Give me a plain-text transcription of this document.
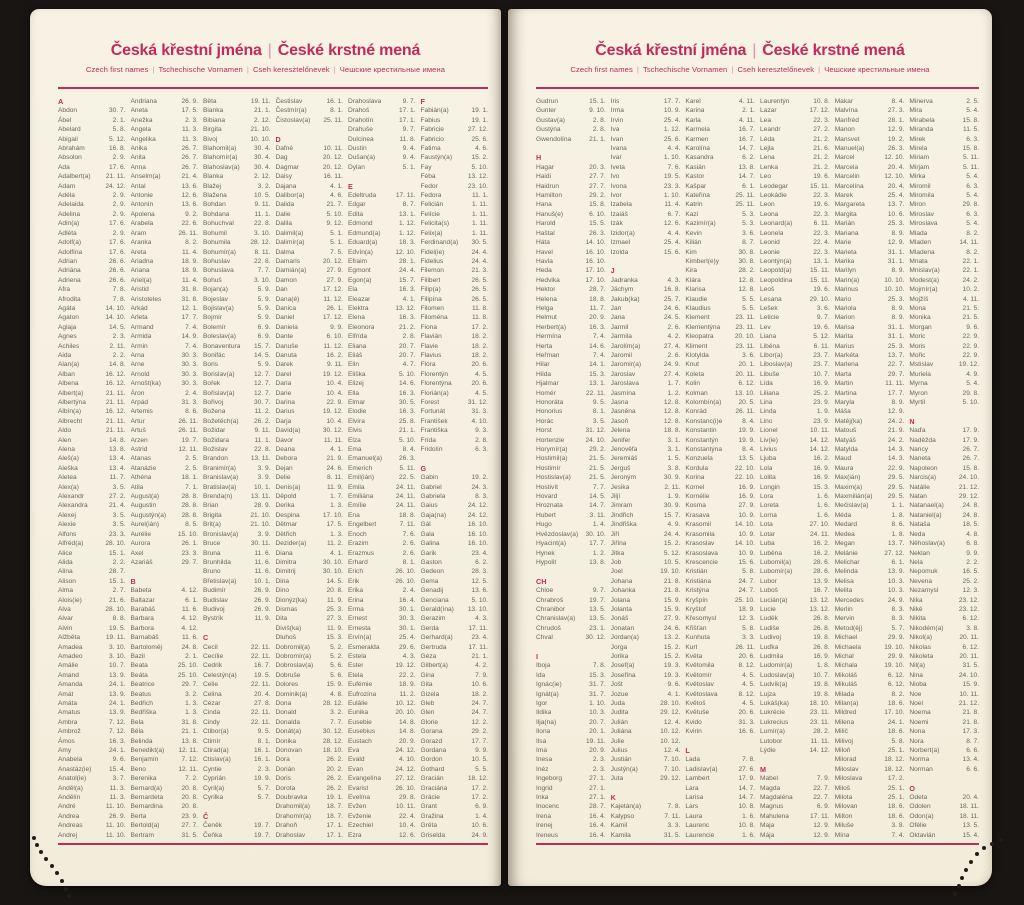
Česká křestní jména | České krstné mená
Czech first names | Tschechische Vornamen | Cseh keresztelőnevek | Чешские крестильные имена
A
Abdon	30. 7.
Ábel	2. 1.
Abelard	5. 8.
Abigail	5. 12.
Abrahám	16. 8.
Absolon	2. 9.
Ada	17. 6.
Adalbert(a)	21. 11.
Adam	24. 12.
Adéla	2. 9.
Adelaida	2. 9.
Adelina	2. 9.
Adin(a)	17. 6.
Adléta	2. 9.
Adolf(a)	17. 6.
Adolfína	17. 6.
Adrian	26. 6.
Adriána	26. 6.
Adriena	26. 6.
Afra	7. 8.
Afrodita	7. 8.
Agáta	14. 10.
Agaton	14. 10.
Aglaja	14. 5.
Agnes	2. 3.
Achiles	2. 11.
Aida	2. 2.
Alan(a)	14. 8.
Alban	16. 12.
Albena	16. 12.
Albert(a)	21. 11.
Albertýna	21. 11.
Albín(a)	16. 12.
Albrecht	21. 11.
Aldo	21. 11.
Alen	14. 8.
Alena	13. 8.
Aleš(a)	13. 4.
Aleška	13. 4.
Aletea	11. 7.
Alex(a)	3. 5.
Alexandr	27. 2.
Alexandra	21. 4.
Alexej	3. 5.
Alexie	3. 5.
Alfons	23. 3.
Alfréd(a)	28. 10.
Alice	15. 1.
Alida	2. 2.
Alina	28. 7.
Alison	15. 1.
Alma	2. 7.
Alois(ie)	21. 6.
Alva	28. 10.
Alvar	8. 8.
Alvin	19. 5.
Alžběta	19. 11.
Amadea	3. 10.
Amadeo	3. 10.
Amálie	10. 7.
Amand	13. 9.
Amanda	24. 1.
Amát	13. 9.
Amáta	24. 1.
Amatus	13. 9.
Ambra	7. 12.
Ambrož	7. 12.
Ámos	16. 3.
Amy	24. 1.
Anabela	9. 6.
Anastáz(ie)	15. 4.
Anatol(ie)	3. 7.
Anděl(a)	11. 3.
Andělín	11. 3.
André	11. 10.
Andrea	26. 9.
Andreas	11. 10.
Andrej	11. 10.
Andriana	26. 9.
Aneta	17. 5.
Anežka	2. 3.
Angela	11. 3.
Angelika	11. 3.
Anika	26. 7.
Anita	26. 7.
Anna	26. 7.
Anselm(a)	21. 4.
Antal	13. 6.
Antonie	12. 6.
Antonín	13. 6.
Apolena	9. 2.
Arabela	22. 6.
Aram	26. 11.
Aranka	8. 2.
Areta	11. 4.
Ariadna	18. 9.
Ariana	18. 9.
Ariel(a)	11. 4.
Aristid	31. 8.
Aristoteles	31. 8.
Arkád	12. 1.
Arleta	17. 7.
Armand	7. 4.
Armida	14. 9.
Armin	7. 4.
Arna	30. 3.
Arne	30. 3.
Arnold	30. 3.
Arnošt(ka)	30. 3.
Áron	2. 4.
Arpád	31. 3.
Artemis	8. 6.
Artur	26. 11.
Artuš	26. 11.
Arzen	19. 7.
Astrid	12. 11.
Atanas	2. 5.
Atanázie	2. 5.
Athéna	18. 1.
Atila	7. 1.
August(a)	28. 8.
Augustin	28. 8.
Augustýn(a)	28. 8.
Aurel(ián)	8. 5.
Aurélie	15. 10.
Aurora	26. 1.
Axel	23. 3.
Azariáš	29. 7.
B
Babeta	4. 12.
Baltazar	6. 1.
Barabáš	11. 6.
Barbara	4. 12.
Barbora	4. 12.
Barnabáš	11. 6.
Bartoloměj	24. 8.
Bazil	2. 1.
Beata	25. 10.
Beáta	25. 10.
Beatrice	29. 7.
Beatus	3. 2.
Bedřich	1. 3.
Bedřiška	1. 3.
Bela	31. 8.
Běla	21. 1.
Belinda	13. 8.
Benedikt(a)	12. 11.
Benjamín	7. 12.
Beno	12. 11.
Berenika	7. 2.
Bernard(a)	20. 8.
Bernardeta	20. 8.
Bernardina	20. 8.
Berta	23. 9.
Bertold(a)	27. 7.
Bertram	31. 5.
Běta	19. 11.
Bianka	21. 1.
Bibiana	2. 12.
Birgita	21. 10.
Bivoj	10. 10.
Blahomil(a)	30. 4.
Blahomír(a)	30. 4.
Blahoslav(a)	30. 4.
Blanka	2. 12.
Blažej	3. 2.
Blažena	10. 5.
Bohdan	9. 11.
Bohdana	11. 1.
Bohuchval	22. 8.
Bohumil	3. 10.
Bohumila	28. 12.
Bohumír(a)	8. 11.
Bohuslav	22. 8.
Bohuslava	7. 7.
Bohuš	3. 10.
Bojan(a)	5. 9.
Bojeslav	5. 9.
Bojislav(a)	5. 9.
Bojmír	5. 9.
Bolemír	6. 9.
Boleslav(a)	6. 9.
Bonaventura	15. 7.
Bonifác	14. 5.
Boris	5. 9.
Borislav(a)	12. 7.
Bořek	12. 7.
Bořislav(a)	12. 7.
Bořivoj	30. 7.
Božena	11. 2.
Božetěch(a)	26. 2.
Božidar	9. 11.
Božidara	11. 1.
Božislav	22. 8.
Brandon	13. 11.
Branimír(a)	3. 9.
Branislav(a)	3. 9.
Bratislav(a)	10. 1.
Brenda(n)	13. 11.
Brian	28. 9.
Brigita	21. 10.
Brit(a)	21. 10.
Bronislav(a)	3. 9.
Bruce	30. 11.
Bruna	11. 6.
Brunhilda	11. 6.
Bruno	11. 6.
Břetislav(a)	10. 1.
Budimír	26. 9.
Budislav	26. 9.
Budivoj	26. 9.
Bystrík	11. 9.
C
Cecil	22. 11.
Cecílie	22. 11.
Cedrik	16. 7.
Celestýn(a)	19. 5.
Celie	22. 11.
Celina	20. 4.
Cézar	27. 8.
Cinda	22. 11.
Cindy	22. 11.
Ctibor(a)	9. 5.
Ctimír	8. 1.
Ctirad(a)	16. 1.
Ctislav(a)	16. 1.
Cyntie	2. 3.
Cyprián	19. 9.
Cyril(a)	5. 7.
Cyrilka	5. 7.
Č
Čeněk	19. 7.
Čeňka	19. 7.
Čestislav	16. 1.
Čestmír(a)	8. 1.
Čistoslav(a)	25. 11.
D
Dafné	10. 11.
Dag	20. 12.
Dagmar	20. 12.
Daisy	16. 11.
Dajana	4. 1.
Dalibor(a)	4. 6.
Dalida	21. 7.
Dalie	5. 10.
Dalila	9. 12.
Dalimil(a)	5. 1.
Dalimír(a)	5. 1.
Dalma	7. 5.
Damaris	20. 12.
Damián(a)	27. 9.
Damon	27. 9.
Dan	17. 12.
Dana(é)	11. 12.
Danica	26. 1.
Daniel	17. 12.
Daniela	9. 9.
Dante	6. 10.
Danuše	11. 12.
Danuta	16. 2.
Darek	9. 11.
Darel	19. 12.
Daria	10. 4.
Darie	10. 4.
Darina	22. 9.
Darius	19. 12.
Darja	10. 4.
David(a)	30. 12.
Davor	11. 11.
Deana	4. 1.
Debora	21. 9.
Dejan	24. 6.
Delie	8. 11.
Denis(a)	11. 9.
Děpold	1. 7.
Derika	1. 3.
Despina	17. 10.
Dětmar	17. 5.
Dětřich	1. 3.
Dezider(a)	11. 2.
Diana	4. 1.
Dimitra	30. 10.
Dimitrij	30. 10.
Dina	14. 5.
Dino	20. 8.
Dionýz(ka)	11. 9.
Dismas	25. 3.
Dita	27. 3.
Diviš(ka)	11. 9.
Dluhoš	15. 3.
Dobromil(a)	5. 2.
Dobromír(a)	5. 2.
Dobroslav(a)	5. 6.
Dobruše	5. 6.
Dolores	15. 9.
Dominik(a)	4. 8.
Dona	28. 12.
Donald	3. 2.
Donalda	7. 7.
Donát(a)	30. 12.
Donika	28. 12.
Donovan	18. 10.
Dora	26. 2.
Dorián	20. 2.
Doris	26. 2.
Dorota	26. 2.
Doubravka	19. 1.
Drahomil(a)	18. 7.
Drahomír(a)	18. 7.
Drahoň	17. 1.
Drahoslav	17. 1.
Drahoslava	9. 7.
Drahoš	17. 1.
Drahotín	17. 1.
Drahuše	9. 7.
Dulcinea	11. 8.
Dustin	9. 4.
Dušan(a)	9. 4.
Dylan	5. 1.
E
Edeltruda	17. 11.
Edgar	8. 7.
Edita	13. 1.
Edmond	1. 12.
Edmund(a)	1. 12.
Eduard(a)	18. 3.
Edvín(a)	12. 10.
Efraim	28. 1.
Egmont	24. 4.
Egon(a)	15. 7.
Ela	16. 3.
Eleazar	4. 1.
Elektra	13. 12.
Elena	16. 3.
Eleonora	21. 2.
Elfrída	2. 8.
Eliana	20. 7.
Eliáš	20. 7.
Elin	4. 7.
Eliška	5. 10.
Elizej	14. 6.
Ella	16. 3.
Elmar	30. 5.
Elodie	16. 3.
Elvíra	25. 8.
Elvis	21. 1.
Elza	5. 10.
Ema	8. 4.
Emanuel(a)	26. 3.
Emerich	5. 11.
Emil(ián)	22. 5.
Emila	24. 11.
Emiliána	24. 11.
Emílie	24. 11.
Ena	18. 8.
Engelbert	7. 11.
Enoch	7. 6.
Erazim	2. 6.
Erazmus	2. 6.
Erhard	8. 1.
Erich	26. 10.
Erik	26. 10.
Erika	2. 4.
Erina	16. 4.
Erma	30. 1.
Ernest	30. 3.
Ernesta	30. 1.
Ervín(a)	25. 4.
Esmeralda	29. 6.
Estela	4. 3.
Ester	19. 12.
Etela	22. 2.
Eufémie	18. 9.
Eufrozína	11. 2.
Eulálie	10. 12.
Eunika	20. 10.
Eusebie	14. 8.
Eusebius	14. 8.
Eustach	20. 9.
Eva	24. 12.
Evald	4. 10.
Evan	24. 12.
Evangelína	27. 12.
Evarist	26. 10.
Evelína	29. 8.
Evžen	10. 11.
Evženie	22. 4.
Ezechiel	10. 4.
Ezra	12. 6.
F
Fabián(a)	19. 1.
Fabius	19. 1.
Fabricie	27. 12.
Fabricio	25. 6.
Fatima	4. 6.
Faustýn(a)	15. 2.
Fay	5. 10.
Féba	13. 12.
Fedor	23. 10.
Fedora	11. 1.
Felicián	1. 11.
Felície	1. 11.
Felicita(s)	1. 11.
Felix(a)	1. 11.
Ferdinand(a)	30. 5.
Fidel(ie)	24. 4.
Fidelius	24. 4.
Filemon	21. 3.
Filibert	26. 5.
Filip(a)	26. 5.
Filipína	26. 5.
Filomen	11. 8.
Filoména	11. 8.
Fiona	17. 2.
Flavián	18. 2.
Flavie	18. 2.
Flavius	18. 2.
Flóra	20. 6.
Florentýn	4. 5.
Florentýna	20. 6.
Florián(a)	4. 5.
Forest	31. 12.
Fortunát	31. 3.
František	4. 10.
Františka	9. 3.
Frída	2. 8.
Fridolín	6. 3.
G
Gabin	19. 2.
Gabriel	24. 3.
Gabriela	8. 3.
Gaius	24. 12.
Gaja(na)	24. 12.
Gál	16. 10.
Gala	16. 10.
Galina	16. 10.
Garik	23. 4.
Gaston	6. 2.
Gedeon	28. 3.
Gema	12. 5.
Genadij	13. 6.
Genciana	5. 10.
Gerald(ína)	13. 10.
Gerazim	4. 3.
Gerda	17. 11.
Gerhard(a)	23. 4.
Gertruda	17. 11.
Géza	21. 1.
Gilbert(a)	4. 2.
Gina	7. 9.
Gita	10. 6.
Gizela	18. 2.
Gleb	24. 7.
Glen	24. 7.
Glorie	12. 2.
Gorana	29. 2.
Gorazd	17. 7.
Gordana	9. 9.
Gordon	10. 5.
Gothard	5. 5.
Gracián	18. 12.
Graciána	17. 2.
Grácie	17. 2.
Grant	6. 9.
Gražina	1. 4.
Gréta	10. 6.
Griselda	24. 9.
Česká křestní jména | České krstné mená
Czech first names | Tschechische Vornamen | Cseh keresztelőnevek | Чешские крестильные имена
Gudrun	15. 1.
Gunter	9. 10.
Gustav(a)	2. 8.
Gustýna	2. 8.
Gwendolína	21. 1.
H
Hagar	20. 3.
Haidi	27. 7.
Haidrun	27. 7.
Hamilton	29. 2.
Hana	15. 8.
Hanuš(e)	6. 10.
Harold	15. 5.
Haštal	26. 3.
Háta	14. 10.
Havel	16. 10.
Havla	16. 10.
Heda	17. 10.
Hedvika	17. 10.
Hektor	28. 7.
Helena	18. 8.
Helga	11. 7.
Helmut	20. 9.
Herbert(a)	16. 3.
Hermína	7. 4.
Herta	14. 6.
Heřman	7. 4.
Hilar	14. 1.
Hilda	15. 3.
Hjalmar	13. 1.
Homér	22. 11.
Honoráta	9. 5.
Honorius	8. 1.
Horác	3. 5.
Horst	31. 12.
Hortenzie	24. 10.
Horymír(a)	29. 2.
Hostimil(a)	21. 5.
Hostimír	21. 5.
Hostislav(a)	21. 5.
Hostivít	7. 7.
Hovard	14. 5.
Hroznata	14. 7.
Hubert	3. 11.
Hugo	1. 4.
Hvězdoslav(a)	30. 10.
Hyacint(a)	17. 7.
Hynek	1. 2.
Hypolit	13. 8.
CH
Chloe	9. 7.
Chrabroš	19. 7.
Chranibor	13. 5.
Chranislav(a)	13. 5.
Chrudoš	23. 1.
Chval	30. 12.
I
Iboja	7. 8.
Ida	15. 3.
Ignác(ie)	31. 7.
Ignát(a)	31. 7.
Igor	1. 10.
Ildika	10. 3.
Ilja(na)	20. 7.
Ilona	20. 1.
Ilsa	19. 11.
Ima	20. 9.
Inesa	2. 3.
Inéz	2. 3.
Ingeborg	27. 1.
Ingrid	27. 1.
Inka	27. 1.
Inocenc	28. 7.
Irena	16. 4.
Irenej	16. 4.
Ireneus	16. 4.
Iris	17. 7.
Irma	10. 9.
Irvin	25. 4.
Iva	1. 12.
Ivan	25. 6.
Ivana	4. 4.
Ivar	1. 10.
Iveta	7. 6.
Ivo	19. 5.
Ivona	23. 3.
Ivor	1. 10.
Izabela	11. 4.
Izaiáš	6. 7.
Izák	12. 6.
Izidor(a)	4. 4.
Izmael	25. 4.
Izolda	15. 6.
J
Jadranka	4. 3.
Jáchym	16. 8.
Jakub(ka)	25. 7.
Jan	24. 6.
Jana	24. 5.
Jarmil	2. 6.
Jarmila	4. 2.
Jarolím(a)	27. 4.
Jaromil	2. 6.
Jaromír(a)	24. 9.
Jaroslav	27. 4.
Jaroslava	1. 7.
Jasmína	1. 2.
Jasna	12. 8.
Jasněna	12. 8.
Jasoň	12. 8.
Jelena	18. 8.
Jenifer	3. 1.
Jenověfa	3. 1.
Jeremiáš	1. 5.
Jerguš	3. 8.
Jeroným	30. 9.
Jesika	2. 11.
Jiljí	1. 9.
Jimram	30. 9.
Jindřich	15. 7.
Jindřiška	4. 9.
Jiří	24. 4.
Jiřina	15. 2.
Jitka	5. 12.
Job	10. 5.
Joel	19. 10.
Johana	21. 8.
Johanka	21. 8.
Jolana	15. 9.
Jolanta	15. 9.
Jonáš	27. 9.
Jonatan	24. 6.
Jordan(a)	13. 2.
Jorga	15. 2.
Jorika	15. 2.
Josef(a)	19. 3.
Josefína	19. 3.
Jošt	9. 6.
Jozue	4. 1.
Juda	28. 10.
Judita	29. 12.
Julián	12. 4.
Juliána	10. 12.
Julie	10. 12.
Julius	12. 4.
Justián	7. 10.
Justýn(a)	7. 10.
Juta	29. 12.
K
Kajetán(a)	7. 8.
Kalypso	7. 11.
Kamil	3. 3.
Kamila	31. 5.
Karel	4. 11.
Karina	2. 1.
Karla	4. 11.
Karmela	16. 7.
Karmen	16. 7.
Karolína	14. 7.
Kasandra	6. 2.
Kasián	13. 8.
Kastor	14. 7.
Kašpar	6. 1.
Kateřina	25. 11.
Katrin	25. 11.
Kazi	5. 3.
Kazimír(a)	5. 3.
Kevin	3. 6.
Kilián	8. 7.
Kim	30. 8.
Kimberl(e)y	30. 8.
Kira	28. 2.
Klára	12. 8.
Klarisa	12. 8.
Klaudie	5. 5.
Klaudius	5. 5.
Klement	23. 11.
Klementýna	23. 11.
Kleopatra	20. 10.
Kliment	23. 11.
Klotylda	3. 6.
Knut	20. 1.
Koleta	20. 11.
Kolin	6. 12.
Kolman	13. 10.
Kolombín(a)	20. 5.
Konrád	26. 11.
Konstanc(i)e	8. 4.
Konstantin	19. 9.
Konstantýn	19. 9.
Konstantýna	8. 4.
Konzuela	13. 5.
Kordula	22. 10.
Korina	22. 10.
Kornel	16. 9.
Kornélie	16. 9.
Kosma	27. 9.
Krasava	10. 9.
Krasomil	14. 10.
Krasomila	10. 9.
Krasoslav	14. 10.
Krasoslava	10. 9.
Krescencie	15. 6.
Kristián	5. 8.
Kristiána	24. 7.
Kristýna	24. 7.
Kryšpín	25. 10.
Kryštof	18. 9.
Křesomysl	12. 3.
Křišťan	5. 8.
Kunhuta	3. 3.
Kurt	26. 11.
Květa	20. 6.
Květomila	8. 12.
Květomír	4. 5.
Květoslav	4. 5.
Květoslava	8. 12.
Květoš	4. 5.
Květuše	20. 6.
Kvido	31. 3.
Kvirin	16. 6.
L
Lada	7. 8.
Ladislav(a)	27. 6.
Lambert	17. 9.
Lara	14. 7.
Larisa	14. 7.
Lars	10. 8.
Laura	1. 6.
Laurenc	10. 8.
Laurencie	1. 6.
Laurentýn	10. 8.
Lazar	17. 12.
Lea	22. 3.
Leandr	27. 2.
Léda	21. 2.
Lejla	21. 6.
Lena	21. 2.
Lenka	21. 2.
Leo	19. 6.
Leodegar	15. 11.
Leokádie	22. 3.
Leon	19. 6.
Leona	22. 3.
Leonard(a)	6. 11.
Leonela	22. 3.
Leonid	22. 4.
Leonie	22. 3.
Leontýn(a)	13. 1.
Leopold(a)	15. 11.
Leopoldina	15. 11.
Leoš	19. 6.
Lesana	29. 10.
Lešek	3. 6.
Leticie	9. 7.
Lev	19. 6.
Liana	5. 12.
Liběna	6. 11.
Libor(a)	23. 7.
Liboslav(a)	23. 7.
Libuše	10. 7.
Lída	16. 9.
Liliana	25. 2.
Lina	23. 9.
Linda	1. 9.
Lino	23. 9.
Lionel	10. 11.
Liv(ie)	14. 12.
Livius	14. 12.
Ljuba	16. 2.
Lola	16. 9.
Lolita	16. 9.
Longin	15. 3.
Lora	1. 6.
Loreta	1. 6.
Lorna	1. 6.
Lota	27. 10.
Lotar	24. 11.
Luba	16. 2.
Luběna	16. 2.
Lubomil(a)	28. 6.
Lubomír(a)	28. 6.
Lubor	13. 9.
Luboš	16. 7.
Lucián(a)	13. 12.
Lucie	13. 12.
Luděk	26. 8.
Ludiše	26. 8.
Ludivoj	19. 8.
Luďka	26. 8.
Ludmila	16. 9.
Ludomír(a)	1. 8.
Ludoslav(a)	10. 7.
Ludvík(a)	19. 8.
Lujza	19. 8.
Lukáš(ka)	18. 10.
Lukrécie	23. 11.
Lukrecius	23. 11.
Lumír(a)	28. 2.
Lutobor	11. 11.
Lýdie	14. 12.
M
Mabel	7. 9.
Magda	22. 7.
Magdaléna	22. 7.
Magnus	6. 9.
Mahulena	17. 11.
Maja	12. 9.
Mája	12. 9.
Makar	8. 4.
Malvína	27. 3.
Manfréd	28. 1.
Manon	12. 9.
Mansvet	19. 2.
Manuel(a)	26. 3.
Marcel	12. 10.
Marcela	20. 4.
Marcelin	12. 10.
Marcelína	20. 4.
Marek	25. 4.
Margareta	13. 7.
Margita	10. 6.
Marián	25. 3.
Mariana	8. 9.
Marie	12. 9.
Marieta	31. 1.
Marika	31. 1.
Marilyn	8. 9.
Marin(a)	10. 10.
Marinus	10. 10.
Mario	25. 3.
Mariola	8. 9.
Marion	8. 9.
Marisa	31. 1.
Marita	31. 1.
Marius	25. 3.
Markéta	13. 7.
Marlena	22. 7.
Marta	29. 7.
Martin	11. 11.
Martina	17. 7.
Maryla	8. 9.
Máša	12. 9.
Matěj(ka)	24. 2.
Matouš	21. 9.
Matyáš	24. 2.
Matylda	14. 3.
Maud	14. 3.
Maura	22. 9.
Max(ián)	29. 5.
Maxim(a)	29. 5.
Maxmilián(a)	29. 5.
Mečislav(a)	1. 1.
Méda	1. 8.
Medard	8. 6.
Medea	1. 8.
Megan	13. 7.
Melánie	27. 12.
Melichar	6. 1.
Melinda	13. 9.
Melisa	10. 3.
Melita	10. 3.
Mercedes	24. 9.
Merlin	8. 3.
Mervin	8. 3.
Metod(ěj)	5. 7.
Michael	29. 9.
Michaela	19. 10.
Michal	29. 9.
Michala	19. 10.
Mikoláš	6. 12.
Mikuláš	6. 12.
Milada	8. 2.
Milan(a)	18. 6.
Mildred	17. 10.
Milena	24. 1.
Milič	18. 6.
Milivoj	5. 8.
Miloň	25. 1.
Milorad	18. 12.
Miloslav	18. 12.
Miloslava	17. 2.
Miloš	25. 1.
Milota	25. 1.
Milovan	18. 6.
Milton	18. 6.
Miluše	3. 8.
Mína	7. 4.
Minerva	2. 5.
Mira	5. 4.
Mirabela	15. 8.
Miranda	11. 5.
Mirek	6. 3.
Mirela	15. 8.
Miriam	5. 11.
Mirjam	5. 11.
Mirka	5. 4.
Miromil	6. 3.
Miromila	5. 4.
Miron	29. 8.
Miroslav	6. 3.
Miroslava	5. 4.
Mlada	8. 2.
Mladen	14. 11.
Mladena	8. 2.
Mnata	22. 1.
Mnislav(a)	22. 1.
Modest(a)	24. 2.
Mojmír(a)	10. 2.
Mojžíš	4. 11.
Mona	21. 5.
Monika	21. 5.
Morgan	9. 6.
Moric	22. 9.
Moris	22. 9.
Mořic	22. 9.
Mstislav	19. 12.
Muriela	4. 9.
Myrna	5. 4.
Myron	29. 8.
Myrtil	5. 10.
N
Naďa	17. 9.
Naděžda	17. 9.
Nancy	26. 7.
Naneta	26. 7.
Napoleon	15. 8.
Narcis(a)	24. 10.
Natálie	21. 12.
Natan	29. 12.
Natanael(a)	24. 8.
Nataniel(a)	24. 8.
Nataša	18. 5.
Neda	4. 8.
Něhoslav(a)	6. 8.
Neklan	9. 9.
Nela	2. 2.
Nepomuk	16. 5.
Nevena	25. 2.
Nezamysl	12. 3.
Nika	23. 12.
Niké	23. 12.
Nikita	6. 12.
Nikodém(a)	3. 8.
Nikol(a)	20. 11.
Nikolas	6. 12.
Nikoleta	20. 11.
Nil(a)	31. 5.
Nina	24. 10.
Nioba	15. 9.
Noe	10. 11.
Noel	21. 12.
Noema	21. 8.
Noemi	21. 8.
Nona	17. 3.
Nora	8. 7.
Norbert(a)	6. 6.
Norma	13. 4.
Norman	6. 6.
O
Odeta	20. 4.
Odolen	18. 11.
Odon(a)	18. 11.
Ofélie	13. 5.
Oktavián	15. 4.
